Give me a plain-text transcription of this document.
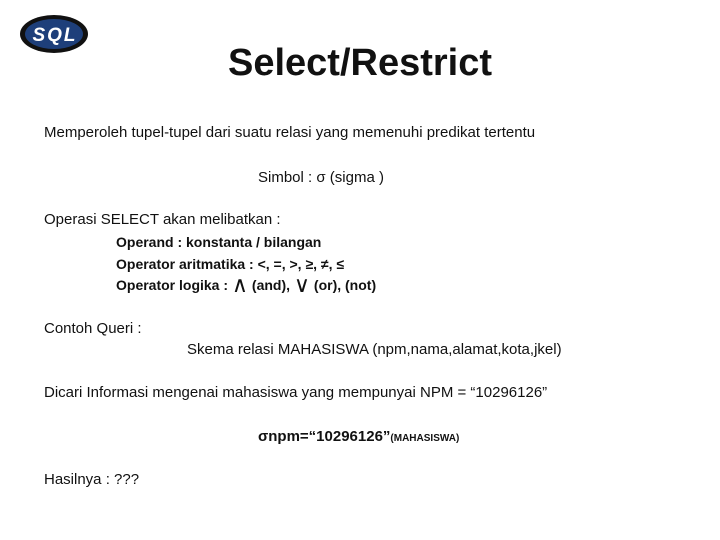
SQL
Select/Restrict
Memperoleh tupel-tupel dari suatu relasi yang memenuhi predikat tertentu
Simbol : σ (sigma )
Operasi SELECT akan melibatkan :
Operand : konstanta / bilangan
Operator aritmatika : <, =, >, ≥, ≠, ≤
Operator logika : ∧ (and), ∨ (or), (not)
Contoh Queri :
Skema relasi MAHASISWA (npm,nama,alamat,kota,jkel)
Dicari Informasi mengenai mahasiswa yang mempunyai NPM = “10296126”
σnpm=“10296126”(MAHASISWA)
Hasilnya : ???
